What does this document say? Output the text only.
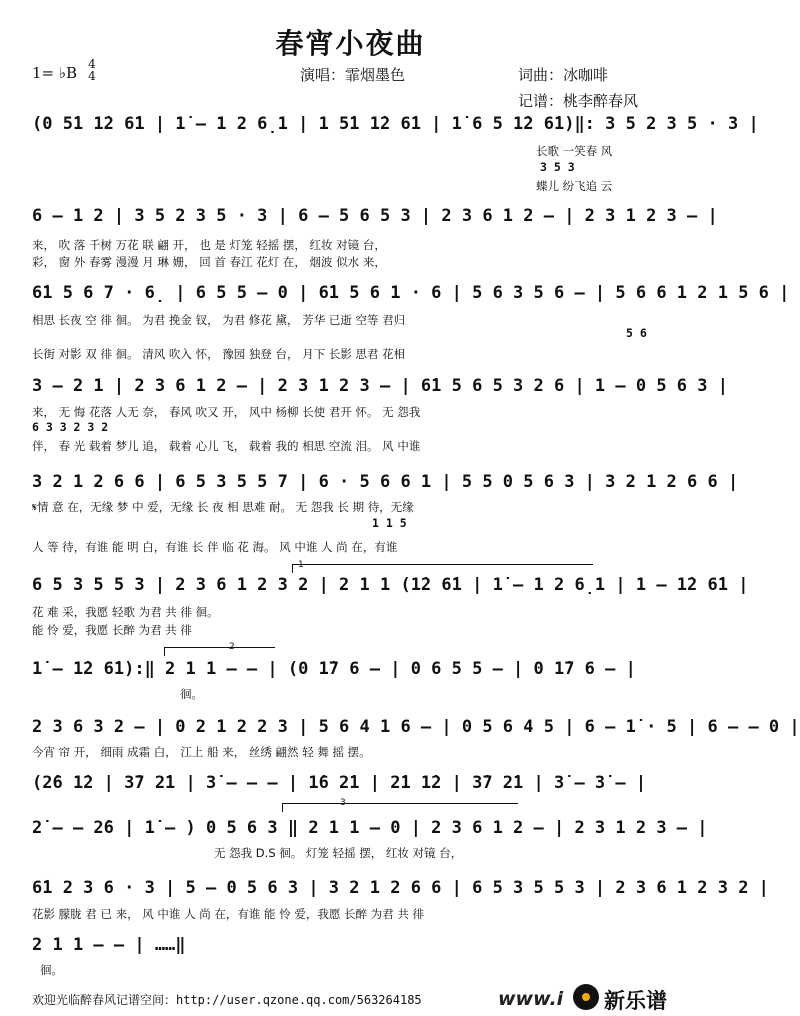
春宵小夜曲
1= ♭B 4
4	演唱：霏烟墨色	词曲：冰咖啡
记谱：桃李醉春风
(0 5̇1 1̇2 6̇1 | 1̇ – 1 2 6̣1 | 1 5̇1 1̇2 6̇1 | 1̇ 6 5 1̇2 6̇1)‖: 3 5 2 3 5 · 3 |
长歌 一笑春 风
3 5 3
蝶儿 纷飞追 云
6 – 1 2 | 3 5 2 3 5 · 3 | 6 – 5 6 5 3 | 2 3 6 1 2 – | 2 3 1 2 3 – |
来， 吹 落 千树 万花 联 翩 开， 也 是 灯笼 轻摇 摆， 红妆 对镜 台，
彩， 窗 外 春雾 漫漫 月 琳 姗， 回 首 春江 花灯 在， 烟波 似水 来，
6̇1 5 6 7 · 6̣ | 6 5 5 – 0 | 6̇1 5 6 1 · 6 | 5 6 3 5 6 – | 5 6 6 1 2 1 5 6 |
相思 长夜 空 徘 徊。 为君 挽金 钗， 为君 修花 黛， 芳华 已逝 空等 君归
5 6
长街 对影 双 徘 徊。 清风 吹入 怀， 豫园 独登 台， 月下 长影 思君 花相
3 – 2 1 | 2 3 6 1 2 – | 2 3 1 2 3 – | 6̇1 5 6 5 3 2 6 | 1 – 0 5 6 3 |
来， 无 悔 花落 人无 奈， 春风 吹又 开， 风中 杨柳 长使 君开 怀。 无 怨我
6 3 3 2 3 2
伴， 春 光 载着 梦儿 追， 载着 心儿 飞， 载着 我的 相思 空流 泪。 风 中谁
3 2 1 2 6 6 | 6 5 3 5 5 7 | 6 · 5 6 6 1 | 5 5 0 5 6 3 | 3 2 1 2 6 6 |
𝄋情 意 在，无缘 梦 中 爱，无缘 长 夜 相 思难 耐。 无 怨我 长 期 待，无缘
1 1 5
人 等 待，有谁 能 明 白，有谁 长 伴 临 花 海。 风 中谁 人 尚 在，有谁
1
6 5 3 5 5 3 | 2 3 6 1 2 3 2 | 2 1 1 (1̇2 6̇1 | 1̇ – 1 2 6̣1 | 1 – 1̇2 6̇1 |
花 难 采，我愿 轻歌 为君 共 徘 徊。
能 怜 爱，我愿 长醉 为君 共 徘
2
1̇ – 1̇2 6̇1):‖ 2 1 1 – – | (0 1̇7 6 – | 0 6 5 5 – | 0 1̇7 6 – |
徊。
2 3 6 3 2 – | 0 2 1 2 2 3 | 5 6 4 1 6 – | 0 5 6 4 5 | 6 – 1̇ · 5 | 6 – – 0 |
今宵 帘 开， 细雨 成霜 白， 江上 船 来， 丝绣 翩然 轻 舞 摇 摆。
(2̇6 1̇2 | 3̇7 2̇1 | 3̇ – – – | 1̇6 2̇1 | 2̇1 1̇2 | 3̇7 2̇1 | 3̇ – 3̇ – |
3
2̇ – – 2̇6 | 1̇ – ) 0 5 6 3 ‖ 2 1 1 – 0 | 2 3 6 1 2 – | 2 3 1 2 3 – |
无 怨我 D.S 徊。 灯笼 轻摇 摆， 红妆 对镜 台，
6̇1 2 3 6 · 3 | 5 – 0 5 6 3 | 3 2 1 2 6 6 | 6 5 3 5 5 3 | 2 3 6 1 2 3 2 |
花影 朦胧 君 已 来， 风 中谁 人 尚 在，有谁 能 怜 爱，我愿 长醉 为君 共 徘
2 1 1 – – | ……‖
徊。
欢迎光临醉春风记谱空间：http://user.qzone.qq.com/563264185	www.i 新乐谱
